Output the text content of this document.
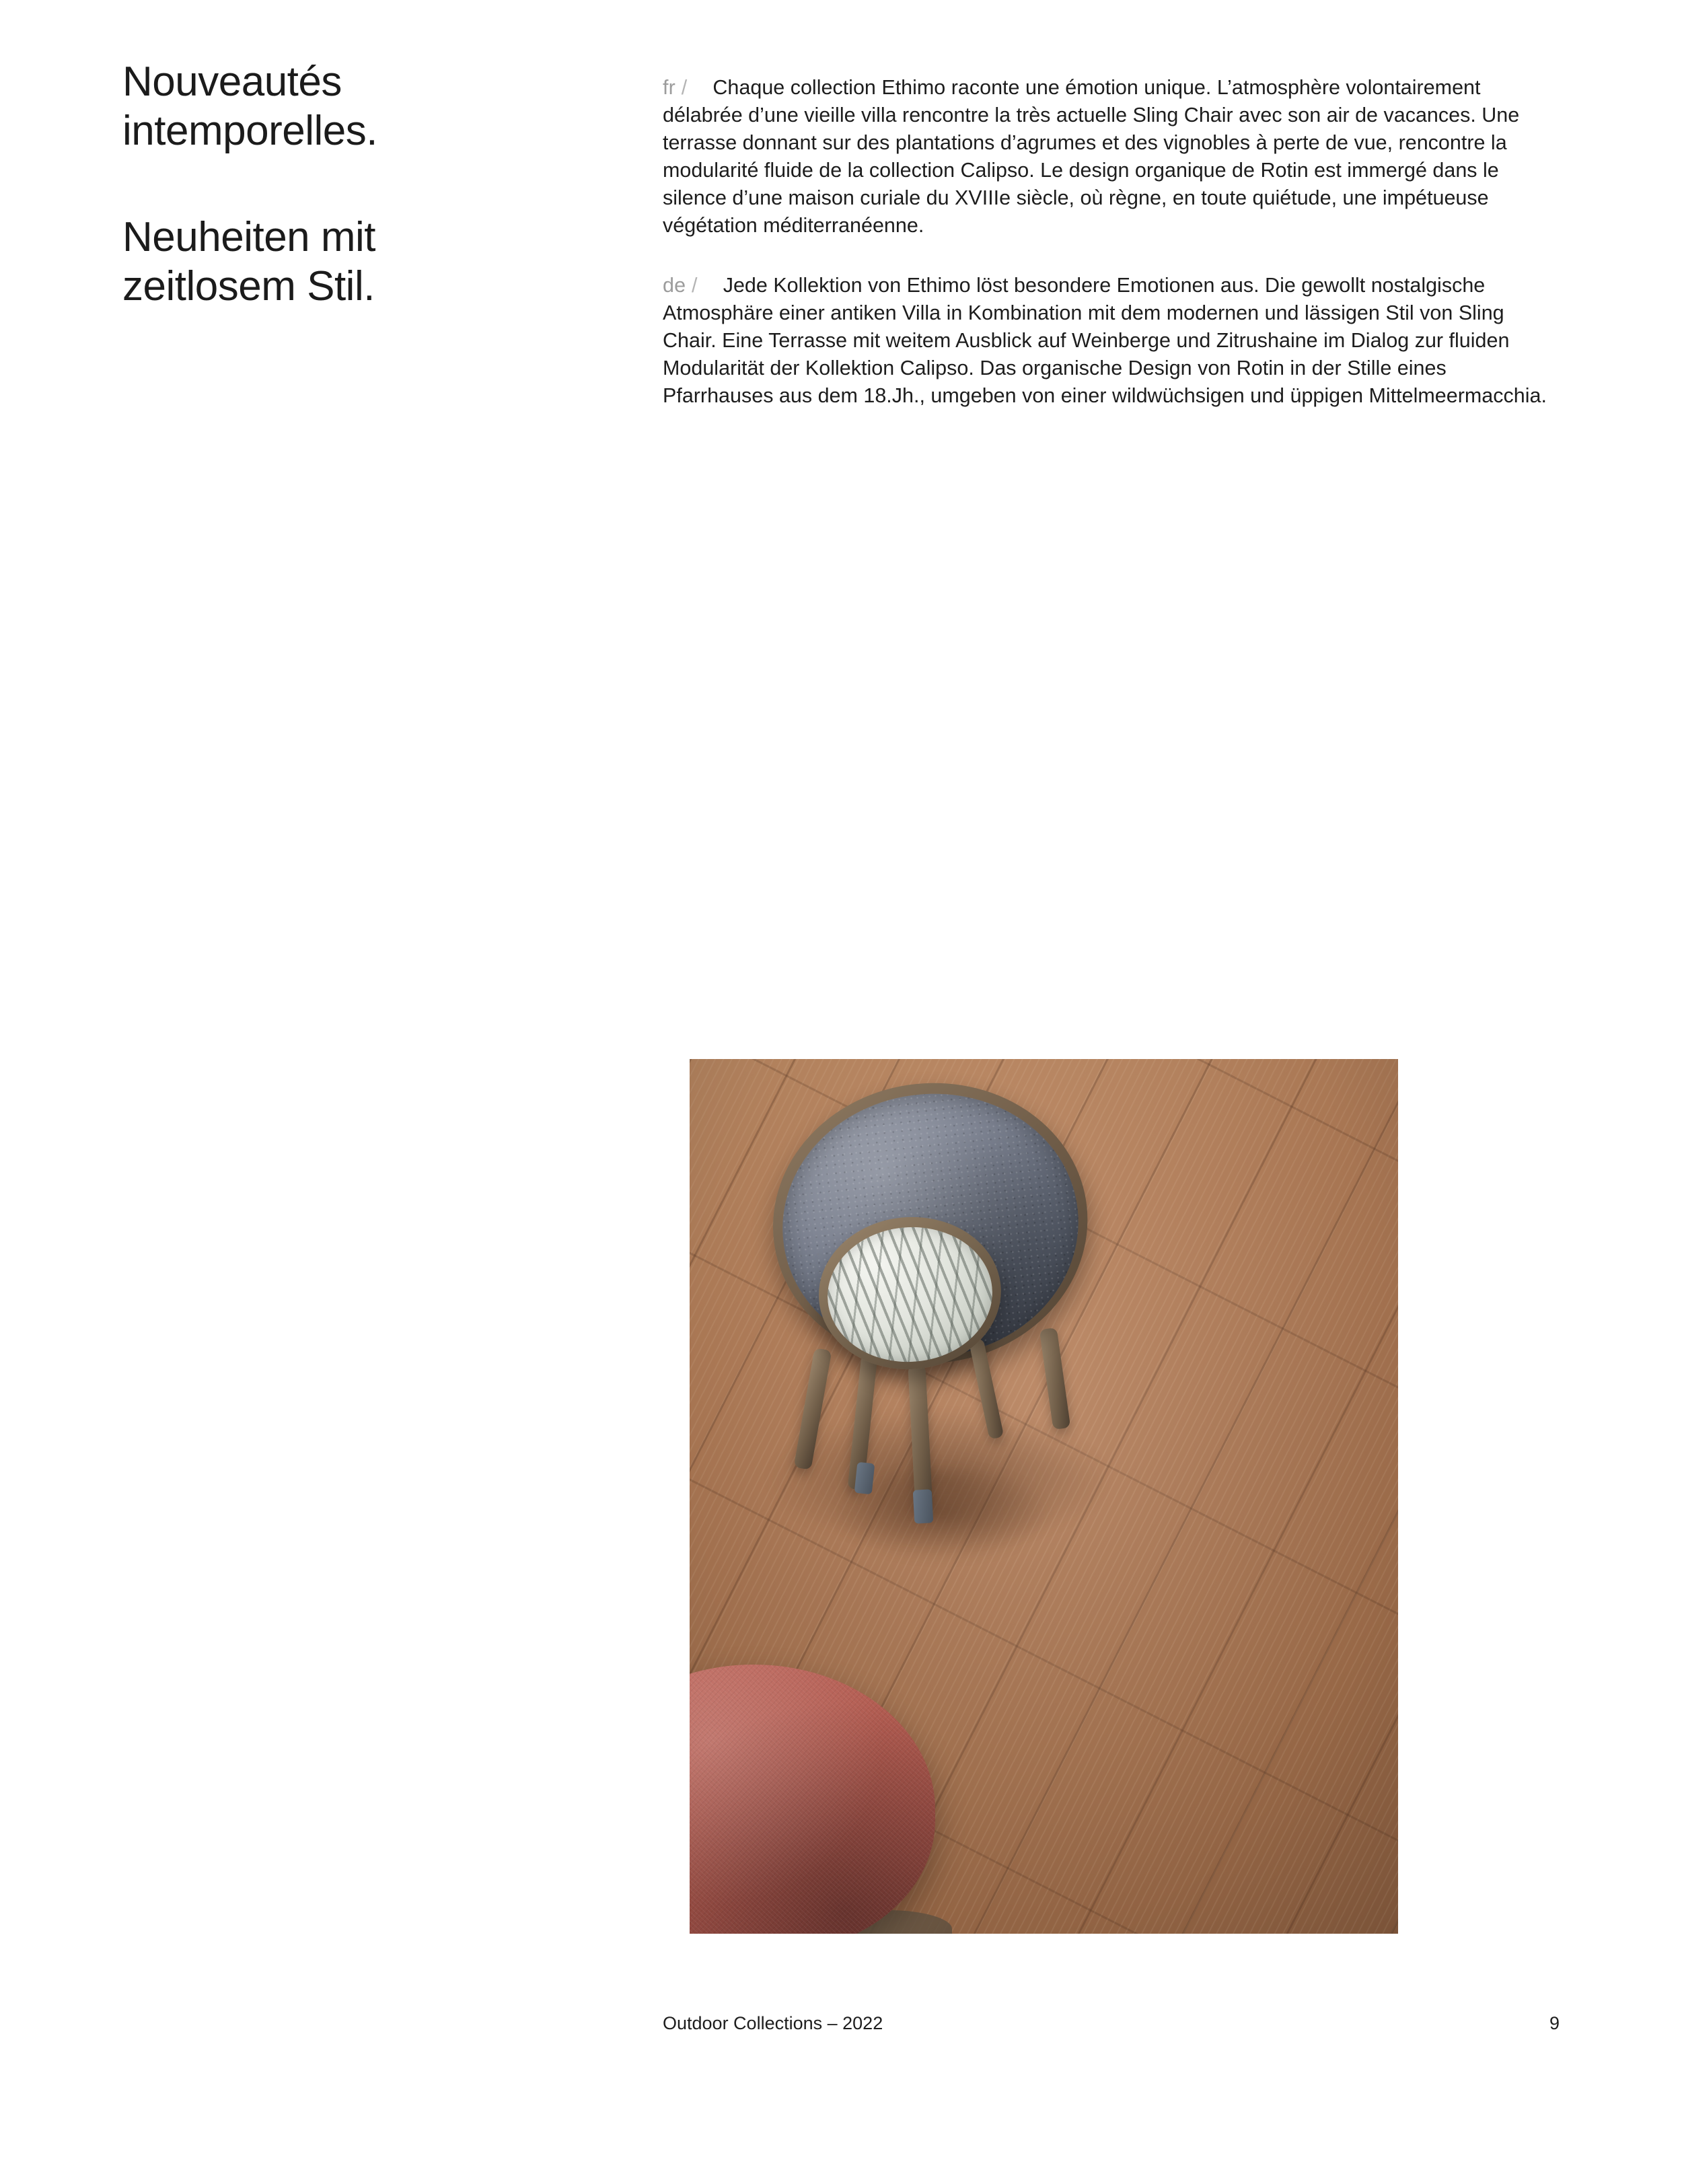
Nouveautés
intemporelles.
Neuheiten mit
zeitlosem Stil.

fr / Chaque collection Ethimo raconte une émotion unique. L’atmosphère volontairement délabrée d’une vieille villa rencontre la très actuelle Sling Chair avec son air de vacances. Une terrasse donnant sur des plantations d’agrumes et des vignobles à perte de vue, rencontre la modularité fluide de la collection Calipso. Le design organique de Rotin est immergé dans le silence d’une maison curiale du XVIIIe siècle, où règne, en toute quiétude, une impétueuse végétation méditerranéenne.

de / Jede Kollektion von Ethimo löst besondere Emotionen aus. Die gewollt nostalgische Atmosphäre einer antiken Villa in Kombination mit dem modernen und lässigen Stil von Sling Chair. Eine Terrasse mit weitem Ausblick auf Weinberge und Zitrushaine im Dialog zur fluiden Modularität der Kollektion Calipso. Das organische Design von Rotin in der Stille eines Pfarrhauses aus dem 18.Jh., umgeben von einer wildwüchsigen und üppigen Mittelmeermacchia.

Outdoor Collections – 2022	9
